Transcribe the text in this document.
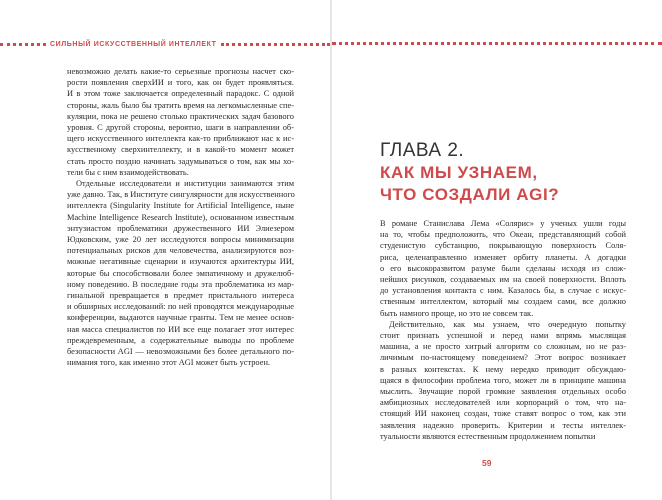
СИЛЬНЫЙ ИСКУССТВЕННЫЙ ИНТЕЛЛЕКТ
невозможно делать какие-то серьезные прогнозы насчет ско-
рости появления сверхИИ и того, как он будет проявляться.
И в этом тоже заключается определенный парадокс. С одной
стороны, жаль было бы тратить время на легкомысленные спе-
куляции, пока не решено столько практических задач базового
уровня. С другой стороны, вероятно, шаги в направлении об-
щего искусственного интеллекта как-то приближают нас к ис-
кусственному сверхинтеллекту, и в какой-то момент может
стать просто поздно начинать задумываться о том, как мы хо-
тели бы с ним взаимодействовать.
Отдельные исследователи и институции занимаются этим
уже давно. Так, в Институте сингулярности для искусственного
интеллекта (Singularity Institute for Artificial Intelligence, ныне
Machine Intelligence Research Institute), основанном известным
энтузиастом проблематики дружественного ИИ Элиезером
Юдковским, уже 20 лет исследуются вопросы минимизации
потенциальных рисков для человечества, анализируются воз-
можные негативные сценарии и изучаются архитектуры ИИ,
которые бы способствовали более эмпатичному и дружелюб-
ному поведению. В последние годы эта проблематика из мар-
гинальной превращается в предмет пристального интереса
и обширных исследований: по ней проводятся международные
конференции, выдаются научные гранты. Тем не менее основ-
ная масса специалистов по ИИ все еще полагает этот интерес
преждевременным, а содержательные выводы по проблеме
безопасности AGI — невозможными без более детального по-
нимания того, как именно этот AGI может быть устроен.
ГЛАВА 2.
КАК МЫ УЗНАЕМ,
ЧТО СОЗДАЛИ AGI?
В романе Станислава Лема «Солярис» у ученых ушли годы
на то, чтобы предположить, что Океан, представляющий собой
студенистую субстанцию, покрывающую поверхность Соля-
риса, целенаправленно изменяет орбиту планеты. А догадки
о его высокоразвитом разуме были сделаны исходя из слож-
нейших рисунков, создаваемых им на своей поверхности. Вплоть
до установления контакта с ним. Казалось бы, в случае с искус-
ственным интеллектом, который мы создаем сами, все должно
быть намного проще, но это не совсем так.
Действительно, как мы узнаем, что очередную попытку
стоит признать успешной и перед нами впрямь мыслящая
машина, а не просто хитрый алгоритм со сложным, но не раз-
личимым по-настоящему поведением? Этот вопрос возникает
в разных контекстах. К нему нередко приводит обсуждаю-
щаяся в философии проблема того, может ли в принципе машина
мыслить. Звучащие порой громкие заявления отдельных особо
амбициозных исследователей или корпораций о том, что на-
стоящий ИИ наконец создан, тоже ставят вопрос о том, как эти
заявления надежно проверить. Критерии и тесты интеллек-
туальности являются естественным продолжением попытки
59
